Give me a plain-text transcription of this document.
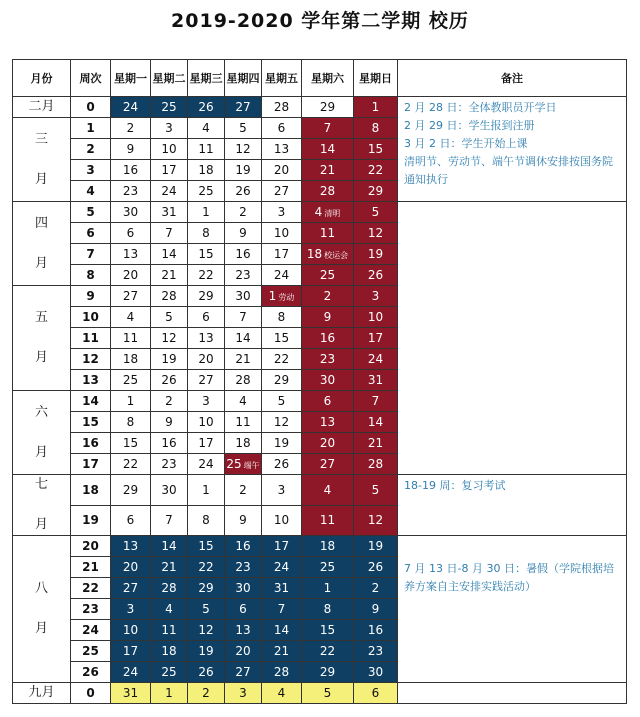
2019-2020 学年第二学期 校历
月份	周次	星期一	星期二	星期三	星期四	星期五	星期六	星期日	备注
二月	0	24	25	26	27	28	29	1	2 月 28 日：全体教职员开学日
2 月 29 日：学生报到注册
3 月 2 日：学生开始上课
清明节、劳动节、端午节调休安排按国务院通知执行

三

月	1	2	3	4	5	6	7	8	
	2	9	10	11	12	13	14	15	
	3	16	17	18	19	20	21	22	
	4	23	24	25	26	27	28	29	
四

月	5	30	31	1	2	3	4 清明	5	

	6	6	7	8	9	10	11	12	
	7	13	14	15	16	17	18 校运会	19	
	8	20	21	22	23	24	25	26	
五

月	9	27	28	29	30	1 劳动	2	3	
	10	4	5	6	7	8	9	10	
	11	11	12	13	14	15	16	17	
	12	18	19	20	21	22	23	24	
	13	25	26	27	28	29	30	31	
六

月	14	1	2	3	4	5	6	7	
	15	8	9	10	11	12	13	14	
	16	15	16	17	18	19	20	21	
	17	22	23	24	25 端午	26	27	28	
七

月	18	29	30	1	2	3	4	5	18-19 周：复习考试

	19	6	7	8	9	10	11	12	
八

月	20	13	14	15	16	17	18	19	7 月 13 日-8 月 30 日：暑假（学院根据培养方案自主安排实践活动）

	21	20	21	22	23	24	25	26	
	22	27	28	29	30	31	1	2	
	23	3	4	5	6	7	8	9	
	24	10	11	12	13	14	15	16	
	25	17	18	19	20	21	22	23	
	26	24	25	26	27	28	29	30	
九月	0	31	1	2	3	4	5	6	
